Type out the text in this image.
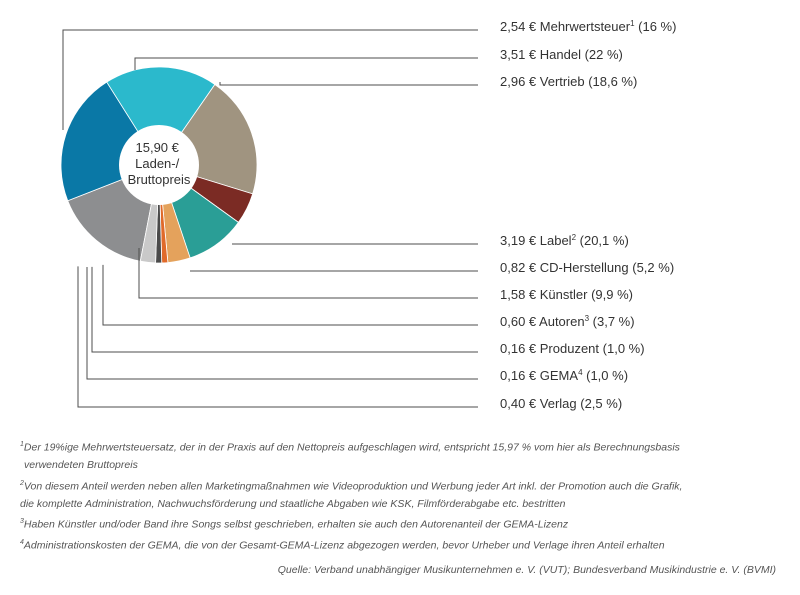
15,90 € Laden-/ Bruttopreis
2,54 € Mehrwertsteuer$^1$ (16 %)
3,51 € Handel (22 %)
2,96 € Vertrieb (18,6 %)
3,19 € Label$^2$ (20,1 %)
0,82 € CD-Herstellung (5,2 %)
1,58 € Künstler (9,9 %)
0,60 € Autoren$^3$ (3,7 %)
0,16 € Produzent (1,0 %)
0,16 € GEMA$^4$ (1,0 %)
0,40 € Verlag (2,5 %)

$^1$Der 19%ige Mehrwertsteuersatz, der in der Praxis auf den Nettopreis aufgeschlagen wird, entspricht 15,97 % vom hier als Berechnungsbasis
verwendeten Bruttopreis

$^2$Von diesem Anteil werden neben allen Marketingmaßnahmen wie Videoproduktion und Werbung jeder Art inkl. der Promotion auch die Grafik,
die komplette Administration, Nachwuchsförderung und staatliche Abgaben wie KSK, Filmförderabgabe etc. bestritten

$^3$Haben Künstler und/oder Band ihre Songs selbst geschrieben, erhalten sie auch den Autorenanteil der GEMA-Lizenz

$^4$Administrationskosten der GEMA, die von der Gesamt-GEMA-Lizenz abgezogen werden, bevor Urheber und Verlage ihren Anteil erhalten

Quelle: Verband unabhängiger Musikunternehmen e. V. (VUT); Bundesverband Musikindustrie e. V. (BVMI)
